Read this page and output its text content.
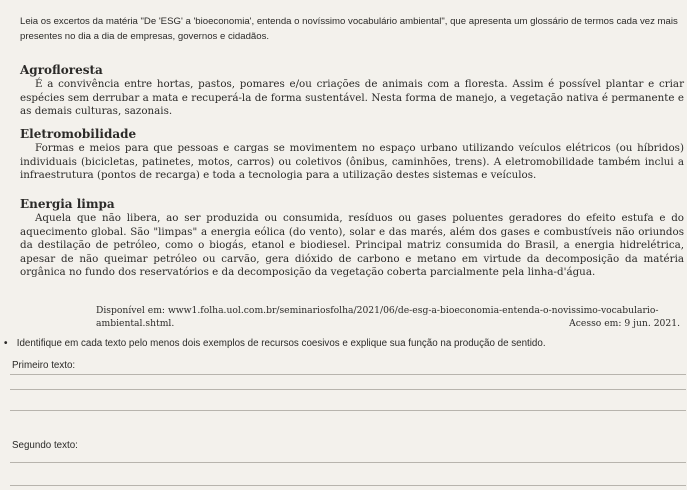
Leia os excertos da matéria "De 'ESG' a 'bioeconomia', entenda o novíssimo vocabulário ambiental", que apresenta um glossário de termos cada vez mais presentes no dia a dia de empresas, governos e cidadãos.

Agrofloresta
É a convivência entre hortas, pastos, pomares e/ou criações de animais com a floresta. Assim é possível plantar e criar espécies sem derrubar a mata e recuperá-la de forma sustentável. Nesta forma de manejo, a vegetação nativa é permanente e as demais culturas, sazonais.
Eletromobilidade
Formas e meios para que pessoas e cargas se movimentem no espaço urbano utilizando veículos elétricos (ou híbridos) individuais (bicicletas, patinetes, motos, carros) ou coletivos (ônibus, caminhões, trens). A eletromobilidade também inclui a infraestrutura (pontos de recarga) e toda a tecnologia para a utilização destes sistemas e veículos.
Energia limpa
Aquela que não libera, ao ser produzida ou consumida, resíduos ou gases poluentes geradores do efeito estufa e do aquecimento global. São "limpas" a energia eólica (do vento), solar e das marés, além dos gases e combustíveis não oriundos da destilação de petróleo, como o biogás, etanol e biodiesel. Principal matriz consumida do Brasil, a energia hidrelétrica, apesar de não queimar petróleo ou carvão, gera dióxido de carbono e metano em virtude da decomposição da matéria orgânica no fundo dos reservatórios e da decomposição da vegetação coberta parcialmente pela linha-d'água.
Disponível em: www1.folha.uol.com.br/seminariosfolha/2021/06/de-esg-a-bioeconomia-entenda-o-novissimo-vocabulario-ambiental.shtml.	Acesso em: 9 jun. 2021.
• Identifique em cada texto pelo menos dois exemplos de recursos coesivos e explique sua função na produção de sentido.
Primeiro texto:
Segundo texto:
